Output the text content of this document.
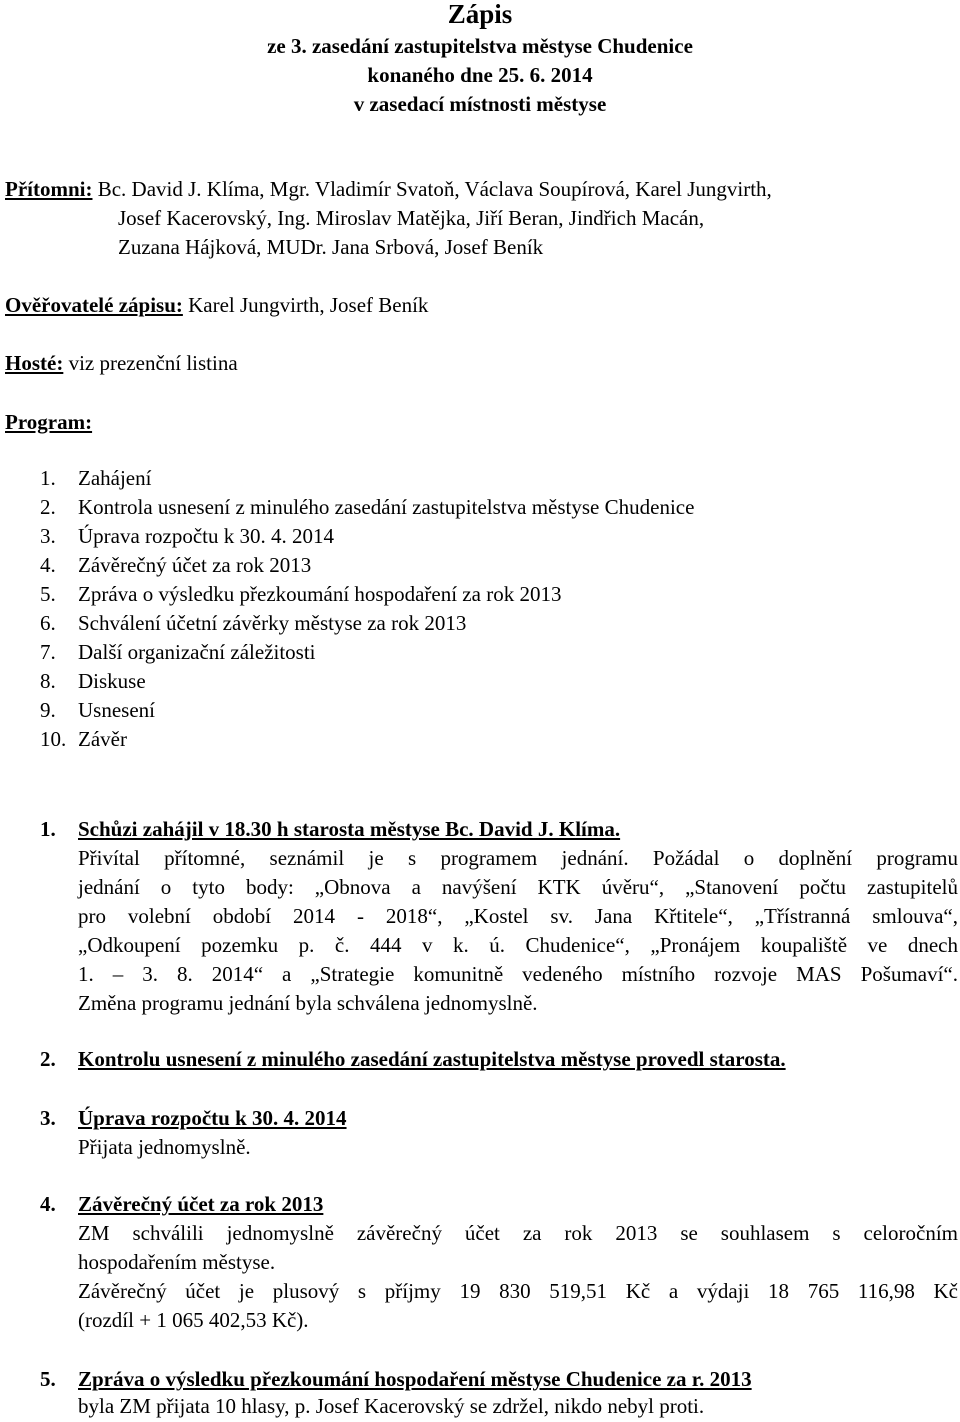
Zápis
ze 3. zasedání zastupitelstva městyse Chudenice
konaného dne 25. 6. 2014
v zasedací místnosti městyse
Přítomni: Bc. David J. Klíma, Mgr. Vladimír Svatoň, Václava Soupírová, Karel Jungvirth,
Josef Kacerovský, Ing. Miroslav Matějka, Jiří Beran, Jindřich Macán,
Zuzana Hájková, MUDr. Jana Srbová, Josef Beník
Ověřovatelé zápisu: Karel Jungvirth, Josef Beník
Hosté: viz prezenční listina
Program:
1. Zahájení
2. Kontrola usnesení z minulého zasedání zastupitelstva městyse Chudenice
3. Úprava rozpočtu k 30. 4. 2014
4. Závěrečný účet za rok 2013
5. Zpráva o výsledku přezkoumání hospodaření za rok 2013
6. Schválení účetní závěrky městyse za rok 2013
7. Další organizační záležitosti
8. Diskuse
9. Usnesení
10. Závěr
1. Schůzi zahájil v 18.30 h starosta městyse Bc. David J. Klíma.
Přivítal přítomné, seznámil je s programem jednání. Požádal o doplnění programu
jednání o tyto body: „Obnova a navýšení KTK úvěru“, „Stanovení počtu zastupitelů
pro volební období 2014 - 2018“, „Kostel sv. Jana Křtitele“, „Třístranná smlouva“,
„Odkoupení pozemku p. č. 444 v k. ú. Chudenice“, „Pronájem koupaliště ve dnech
1. – 3. 8. 2014“ a „Strategie komunitně vedeného místního rozvoje MAS Pošumaví“.
Změna programu jednání byla schválena jednomyslně.
2. Kontrolu usnesení z minulého zasedání zastupitelstva městyse provedl starosta.
3. Úprava rozpočtu k 30. 4. 2014
Přijata jednomyslně.
4. Závěrečný účet za rok 2013
ZM schválili jednomyslně závěrečný účet za rok 2013 se souhlasem s celoročním
hospodařením městyse.
Závěrečný účet je plusový s příjmy 19 830 519,51 Kč a výdaji 18 765 116,98 Kč
(rozdíl + 1 065 402,53 Kč).
5. Zpráva o výsledku přezkoumání hospodaření městyse Chudenice za r. 2013
byla ZM přijata 10 hlasy, p. Josef Kacerovský se zdržel, nikdo nebyl proti.
